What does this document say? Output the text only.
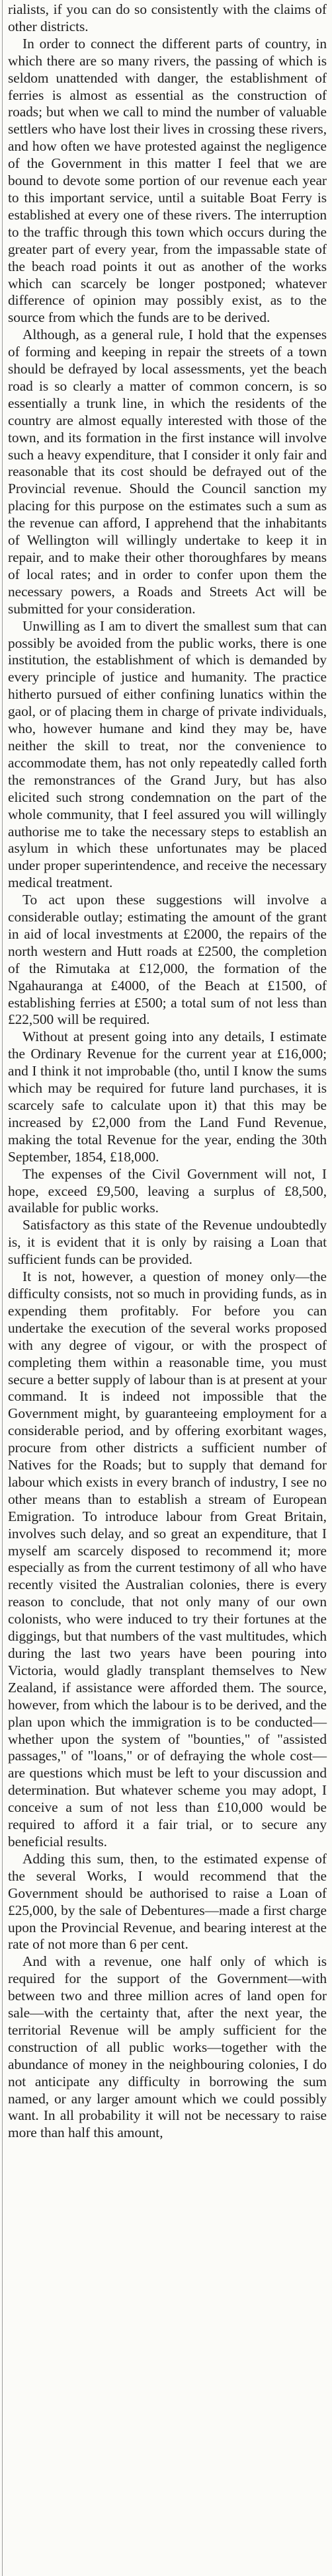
rialists, if you can do so consistently with the claims of other districts.

In order to connect the different parts of country, in which there are so many rivers, the passing of which is seldom unattended with danger, the establishment of ferries is almost as essential as the construction of roads; but when we call to mind the number of valuable settlers who have lost their lives in crossing these rivers, and how often we have protested against the negligence of the Government in this matter I feel that we are bound to devote some portion of our revenue each year to this important service, until a suitable Boat Ferry is established at every one of these rivers. The interruption to the traffic through this town which occurs during the greater part of every year, from the impassable state of the beach road points it out as another of the works which can scarcely be longer postponed; whatever difference of opinion may possibly exist, as to the source from which the funds are to be derived.

Although, as a general rule, I hold that the expenses of forming and keeping in repair the streets of a town should be defrayed by local assessments, yet the beach road is so clearly a matter of common concern, is so essentially a trunk line, in which the residents of the country are almost equally interested with those of the town, and its formation in the first instance will involve such a heavy expenditure, that I consider it only fair and reasonable that its cost should be defrayed out of the Provincial revenue. Should the Council sanction my placing for this purpose on the estimates such a sum as the revenue can afford, I apprehend that the inhabitants of Wellington will willingly undertake to keep it in repair, and to make their other thoroughfares by means of local rates; and in order to confer upon them the necessary powers, a Roads and Streets Act will be submitted for your consideration.

Unwilling as I am to divert the smallest sum that can possibly be avoided from the public works, there is one institution, the establishment of which is demanded by every principle of justice and humanity. The practice hitherto pursued of either confining lunatics within the gaol, or of placing them in charge of private individuals, who, however humane and kind they may be, have neither the skill to treat, nor the convenience to accommodate them, has not only repeatedly called forth the remonstrances of the Grand Jury, but has also elicited such strong condemnation on the part of the whole community, that I feel assured you will willingly authorise me to take the necessary steps to establish an asylum in which these unfortunates may be placed under proper superintendence, and receive the necessary medical treatment.

To act upon these suggestions will involve a considerable outlay; estimating the amount of the grant in aid of local investments at £2000, the repairs of the north western and Hutt roads at £2500, the completion of the Rimutaka at £12,000, the formation of the Ngahauranga at £4000, of the Beach at £1500, of establishing ferries at £500; a total sum of not less than £22,500 will be required.

Without at present going into any details, I estimate the Ordinary Revenue for the current year at £16,000; and I think it not improbable (tho, until I know the sums which may be required for future land purchases, it is scarcely safe to calculate upon it) that this may be increased by £2,000 from the Land Fund Revenue, making the total Revenue for the year, ending the 30th September, 1854, £18,000.

The expenses of the Civil Government will not, I hope, exceed £9,500, leaving a surplus of £8,500, available for public works.

Satisfactory as this state of the Revenue undoubtedly is, it is evident that it is only by raising a Loan that sufficient funds can be provided.

It is not, however, a question of money only—the difficulty consists, not so much in providing funds, as in expending them profitably. For before you can undertake the execution of the several works proposed with any degree of vigour, or with the prospect of completing them within a reasonable time, you must secure a better supply of labour than is at present at your command. It is indeed not impossible that the Government might, by guaranteeing employment for a considerable period, and by offering exorbitant wages, procure from other districts a sufficient number of Natives for the Roads; but to supply that demand for labour which exists in every branch of industry, I see no other means than to establish a stream of European Emigration. To introduce labour from Great Britain, involves such delay, and so great an expenditure, that I myself am scarcely disposed to recommend it; more especially as from the current testimony of all who have recently visited the Australian colonies, there is every reason to conclude, that not only many of our own colonists, who were induced to try their fortunes at the diggings, but that numbers of the vast multitudes, which during the last two years have been pouring into Victoria, would gladly transplant themselves to New Zealand, if assistance were afforded them. The source, however, from which the labour is to be derived, and the plan upon which the immigration is to be conducted—whether upon the system of "bounties," of "assisted passages," of "loans," or of defraying the whole cost—are questions which must be left to your discussion and determination. But whatever scheme you may adopt, I conceive a sum of not less than £10,000 would be required to afford it a fair trial, or to secure any beneficial results.

Adding this sum, then, to the estimated expense of the several Works, I would recommend that the Government should be authorised to raise a Loan of £25,000, by the sale of Debentures—made a first charge upon the Provincial Revenue, and bearing interest at the rate of not more than 6 per cent.

And with a revenue, one half only of which is required for the support of the Government—with between two and three million acres of land open for sale—with the certainty that, after the next year, the territorial Revenue will be amply sufficient for the construction of all public works—together with the abundance of money in the neighbouring colonies, I do not anticipate any difficulty in borrowing the sum named, or any larger amount which we could possibly want. In all probability it will not be necessary to raise more than half this amount,
